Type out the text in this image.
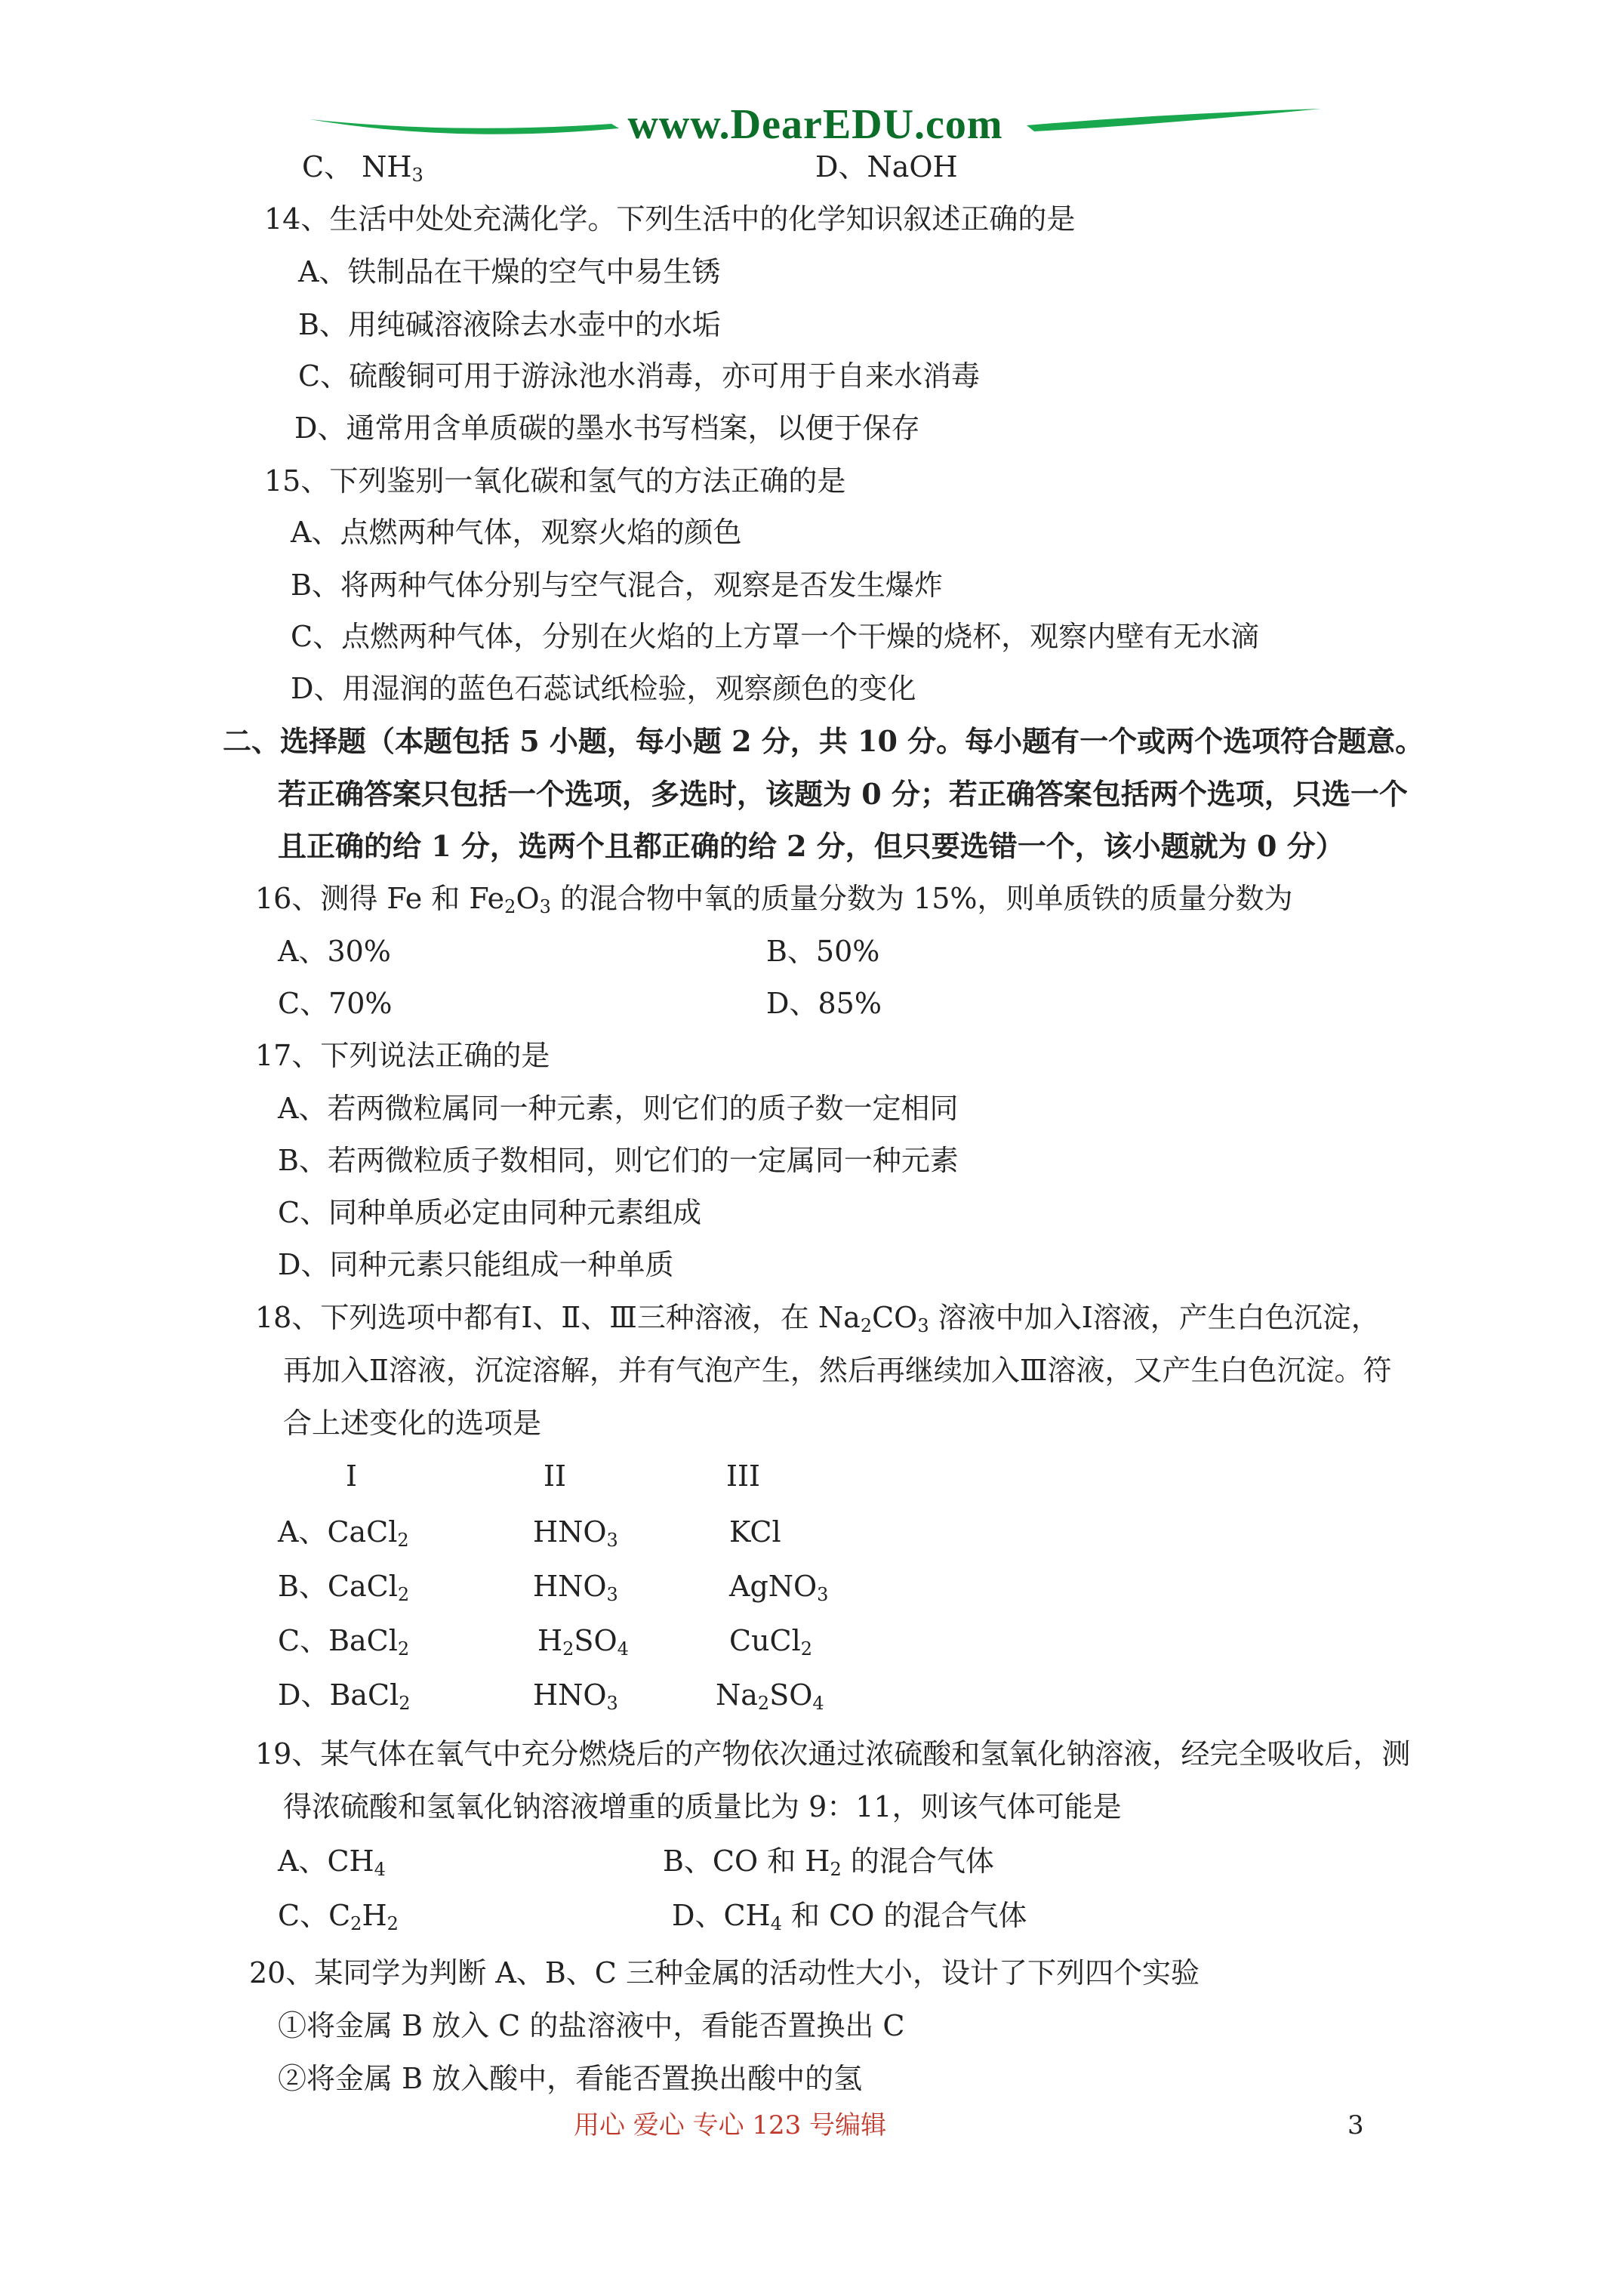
www.DearEDU.com
C、 $NH_3$	D、NaOH
14、生活中处处充满化学。下列生活中的化学知识叙述正确的是
A、铁制品在干燥的空气中易生锈
B、用纯碱溶液除去水壶中的水垢
C、硫酸铜可用于游泳池水消毒，亦可用于自来水消毒
D、通常用含单质碳的墨水书写档案，以便于保存
15、下列鉴别一氧化碳和氢气的方法正确的是
A、点燃两种气体，观察火焰的颜色
B、将两种气体分别与空气混合，观察是否发生爆炸
C、点燃两种气体，分别在火焰的上方罩一个干燥的烧杯，观察内壁有无水滴
D、用湿润的蓝色石蕊试纸检验，观察颜色的变化
二、选择题（本题包括 5 小题，每小题 2 分，共 10 分。每小题有一个或两个选项符合题意。
若正确答案只包括一个选项，多选时，该题为 0 分；若正确答案包括两个选项，只选一个
且正确的给 1 分，选两个且都正确的给 2 分，但只要选错一个，该小题就为 0 分）
16、测得 Fe 和 $Fe_2O_3$ 的混合物中氧的质量分数为 15%，则单质铁的质量分数为
A、30%	B、50%
C、70%	D、85%
17、下列说法正确的是
A、若两微粒属同一种元素，则它们的质子数一定相同
B、若两微粒质子数相同，则它们的一定属同一种元素
C、同种单质必定由同种元素组成
D、同种元素只能组成一种单质
18、下列选项中都有Ⅰ、Ⅱ、Ⅲ三种溶液，在 $Na_2CO_3$ 溶液中加入Ⅰ溶液，产生白色沉淀，
再加入Ⅱ溶液，沉淀溶解，并有气泡产生，然后再继续加入Ⅲ溶液，又产生白色沉淀。符
合上述变化的选项是
I	II	III
A、CaCl$_2$	$HNO_3$	KCl
B、CaCl$_2$	$HNO_3$	AgNO$_3$
C、BaCl$_2$	$H_2SO_4$	CuCl$_2$
D、BaCl$_2$	$HNO_3$	$Na_2SO_4$
19、某气体在氧气中充分燃烧后的产物依次通过浓硫酸和氢氧化钠溶液，经完全吸收后，测
得浓硫酸和氢氧化钠溶液增重的质量比为 9：11，则该气体可能是
A、$CH_4$	B、CO 和 $H_2$ 的混合气体
C、$C_2H_2$	D、$CH_4$ 和 CO 的混合气体
20、某同学为判断 A、B、C 三种金属的活动性大小，设计了下列四个实验
①将金属 B 放入 C 的盐溶液中，看能否置换出 C
②将金属 B 放入酸中，看能否置换出酸中的氢
用心 爱心 专心 123 号编辑	3
